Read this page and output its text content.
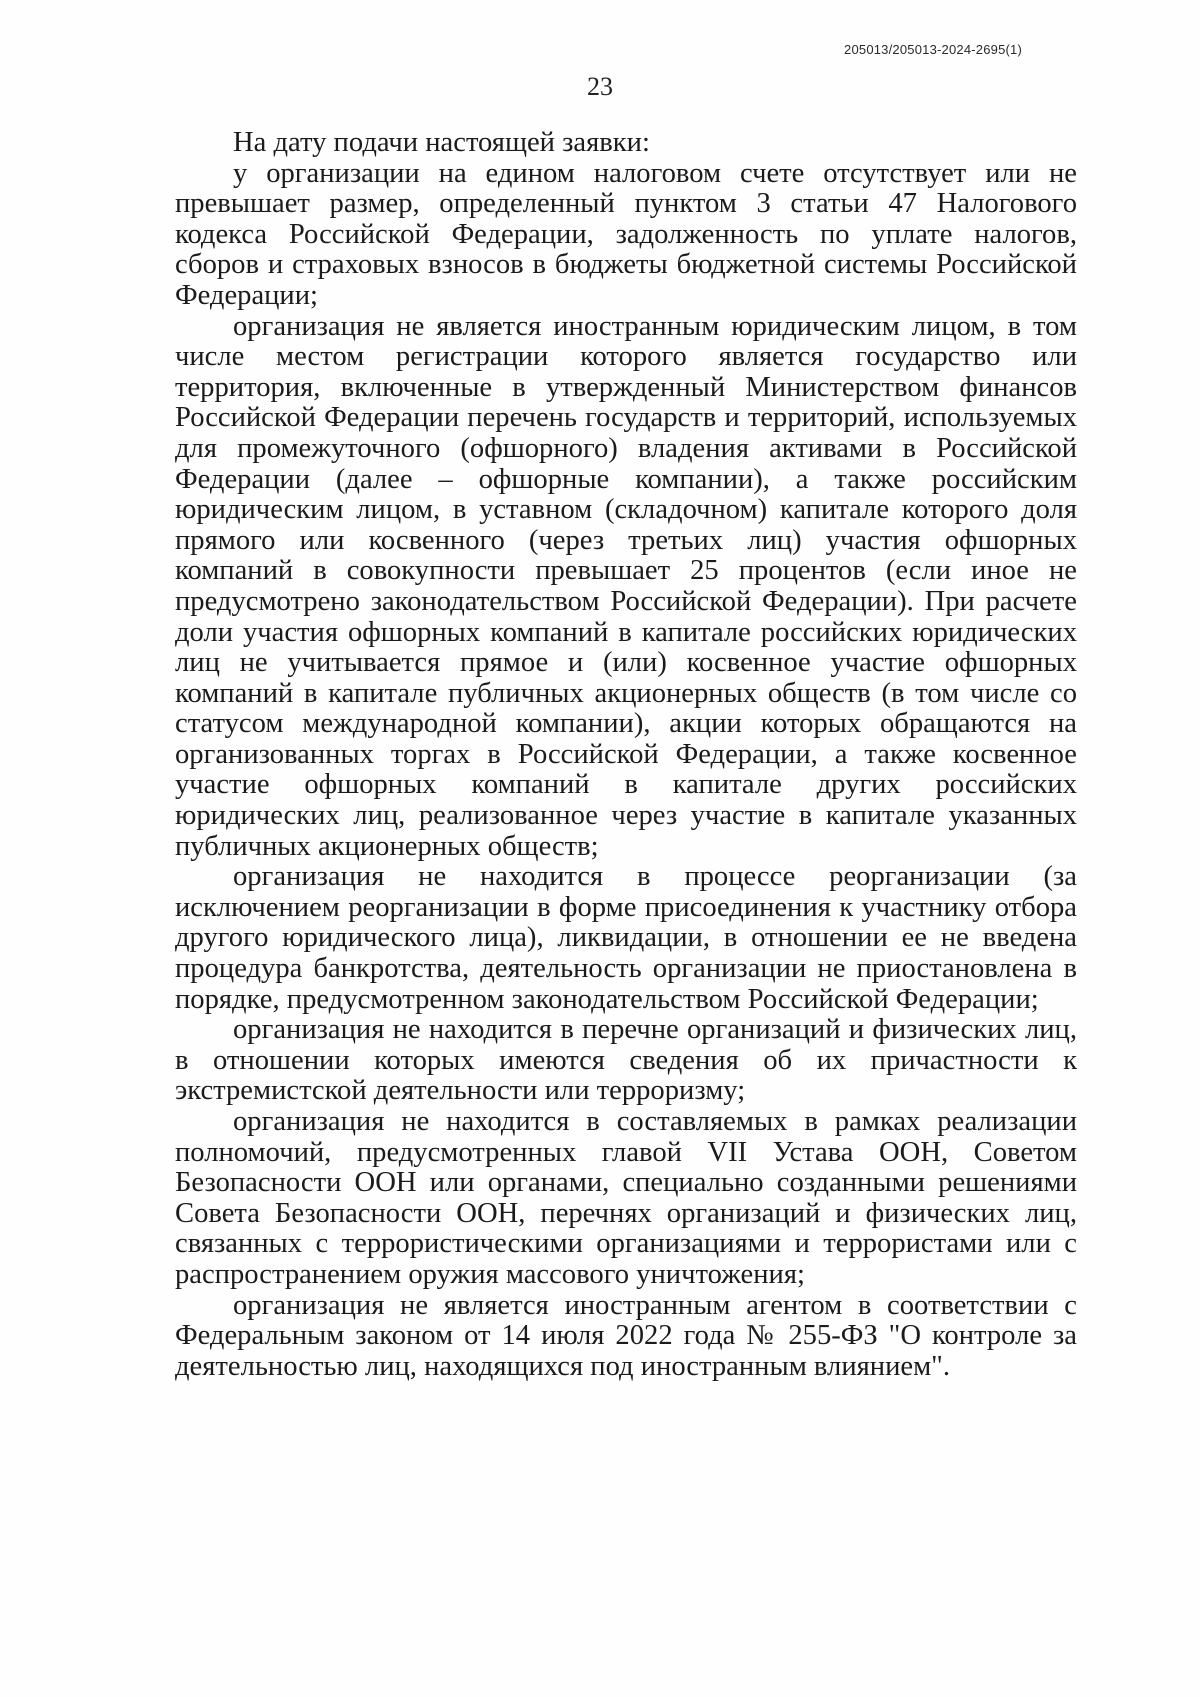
205013/205013-2024-2695(1)
23

На дату подачи настоящей заявки:

у организации на едином налоговом счете отсутствует или не превышает размер, определенный пунктом 3 статьи 47 Налогового кодекса Российской Федерации, задолженность по уплате налогов, сборов и страховых взносов в бюджеты бюджетной системы Российской Федерации;

организация не является иностранным юридическим лицом, в том числе местом регистрации которого является государство или территория, включенные в утвержденный Министерством финансов Российской Федерации перечень государств и территорий, используемых для промежуточного (офшорного) владения активами в Российской Федерации (далее – офшорные компании), а также российским юридическим лицом, в уставном (складочном) капитале которого доля прямого или косвенного (через третьих лиц) участия офшорных компаний в совокупности превышает 25 процентов (если иное не предусмотрено законодательством Российской Федерации). При расчете доли участия офшорных компаний в капитале российских юридических лиц не учитывается прямое и (или) косвенное участие офшорных компаний в капитале публичных акционерных обществ (в том числе со статусом международной компании), акции которых обращаются на организованных торгах в Российской Федерации, а также косвенное участие офшорных компаний в капитале других российских юридических лиц, реализованное через участие в капитале указанных публичных акционерных обществ;

организация не находится в процессе реорганизации (за исключением реорганизации в форме присоединения к участнику отбора другого юридического лица), ликвидации, в отношении ее не введена процедура банкротства, деятельность организации не приостановлена в порядке, предусмотренном законодательством Российской Федерации;

организация не находится в перечне организаций и физических лиц, в отношении которых имеются сведения об их причастности к экстремистской деятельности или терроризму;

организация не находится в составляемых в рамках реализации полномочий, предусмотренных главой VII Устава ООН, Советом Безопасности ООН или органами, специально созданными решениями Совета Безопасности ООН, перечнях организаций и физических лиц, связанных с террористическими организациями и террористами или с распространением оружия массового уничтожения;

организация не является иностранным агентом в соответствии с Федеральным законом от 14 июля 2022 года № 255-ФЗ "О контроле за деятельностью лиц, находящихся под иностранным влиянием".
